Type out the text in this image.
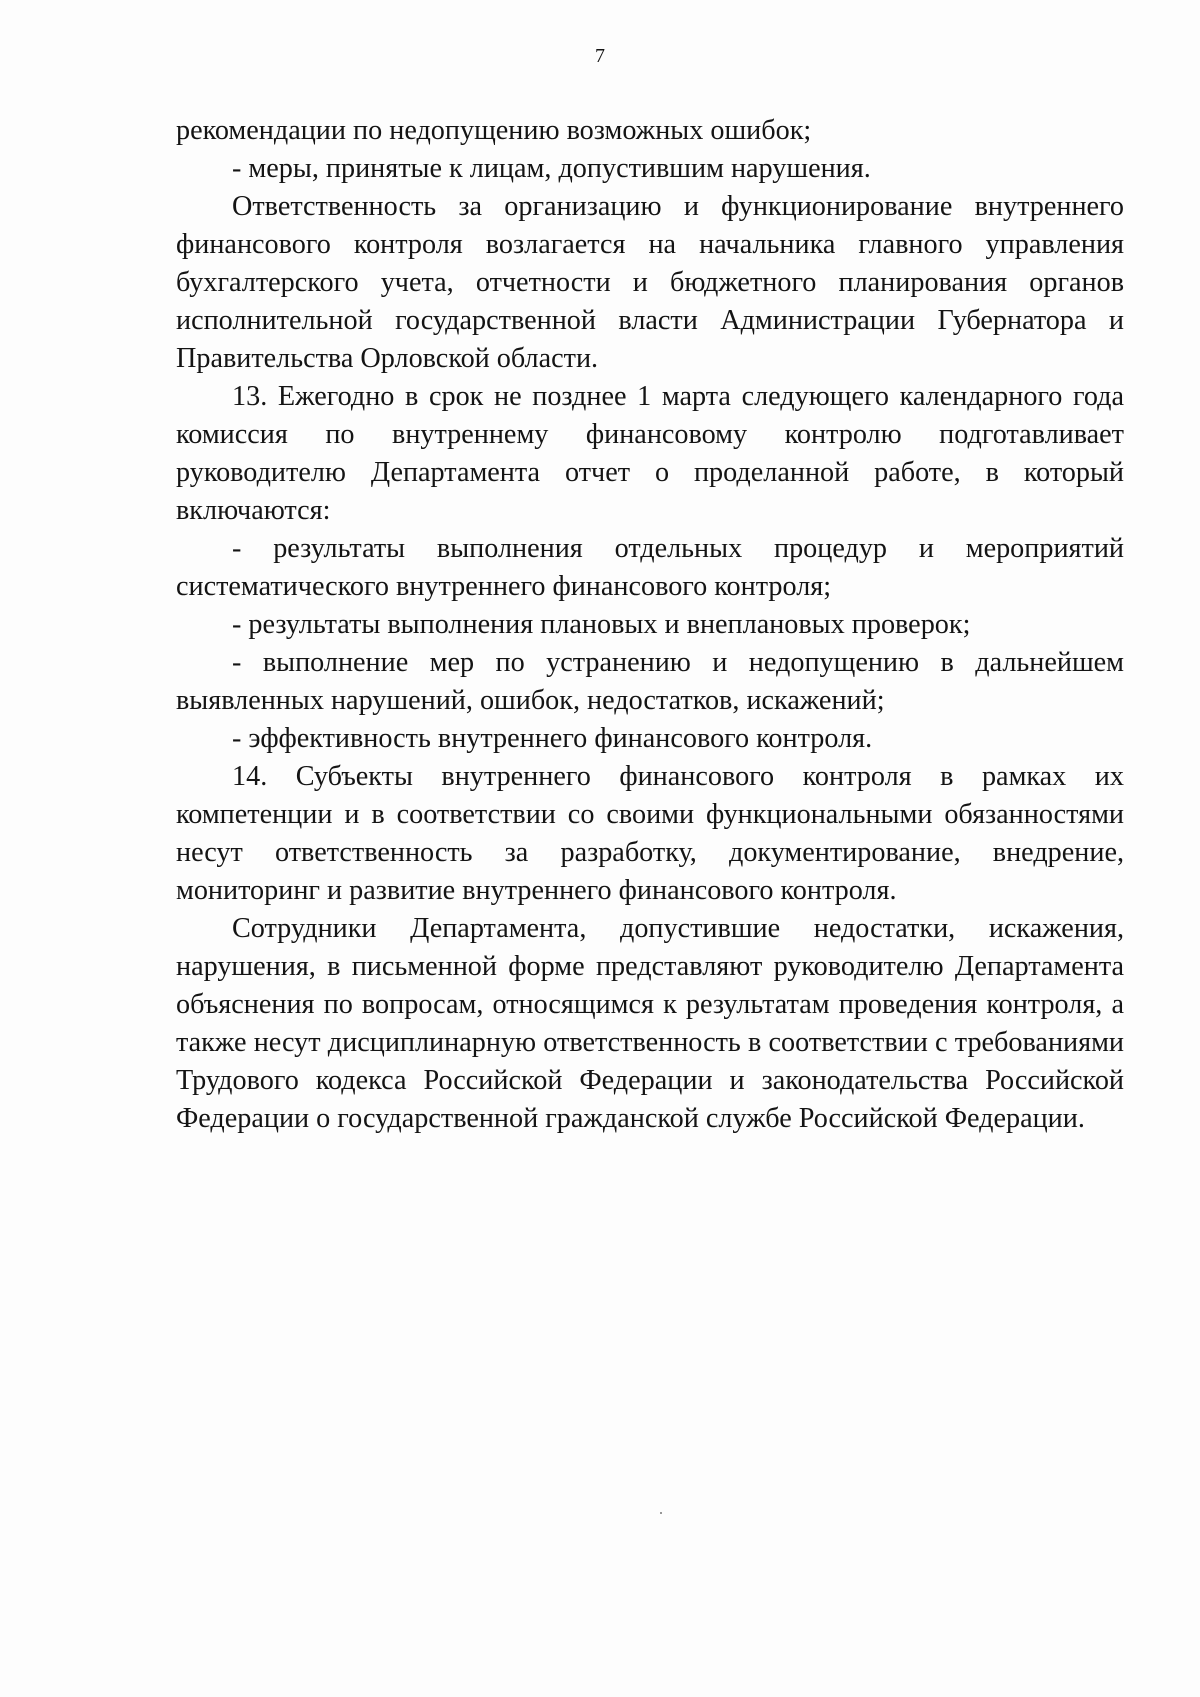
7

рекомендации по недопущению возможных ошибок;

- меры, принятые к лицам, допустившим нарушения.

Ответственность за организацию и функционирование внутреннего финансового контроля возлагается на начальника главного управления бухгалтерского учета, отчетности и бюджетного планирования органов исполнительной государственной власти Администрации Губернатора и Правительства Орловской области.

13. Ежегодно в срок не позднее 1 марта следующего календарного года комиссия по внутреннему финансовому контролю подготавливает руководителю Департамента отчет о проделанной работе, в который включаются:

- результаты выполнения отдельных процедур и мероприятий систематического внутреннего финансового контроля;

- результаты выполнения плановых и внеплановых проверок;

- выполнение мер по устранению и недопущению в дальнейшем выявленных нарушений, ошибок, недостатков, искажений;

- эффективность внутреннего финансового контроля.

14. Субъекты внутреннего финансового контроля в рамках их компетенции и в соответствии со своими функциональными обязанностями несут ответственность за разработку, документирование, внедрение, мониторинг и развитие внутреннего финансового контроля.

Сотрудники Департамента, допустившие недостатки, искажения, нарушения, в письменной форме представляют руководителю Департамента объяснения по вопросам, относящимся к результатам проведения контроля, а также несут дисциплинарную ответственность в соответствии с требованиями Трудового кодекса Российской Федерации и законодательства Российской Федерации о государственной гражданской службе Российской Федерации.
